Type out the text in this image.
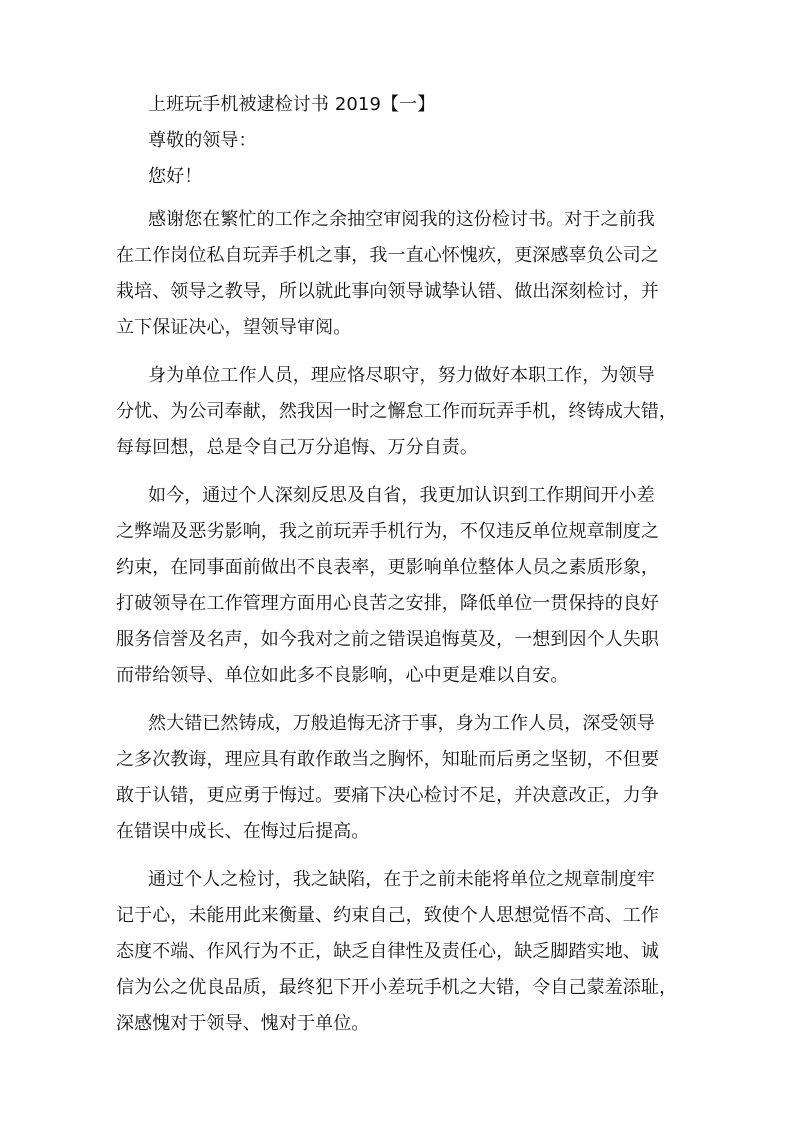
上班玩手机被逮检讨书 2019【一】
尊敬的领导：
您好！
感谢您在繁忙的工作之余抽空审阅我的这份检讨书。对于之前我
在工作岗位私自玩弄手机之事，我一直心怀愧疚，更深感辜负公司之
栽培、领导之教导，所以就此事向领导诚挚认错、做出深刻检讨，并
立下保证决心，望领导审阅。
身为单位工作人员，理应恪尽职守，努力做好本职工作，为领导
分忧、为公司奉献，然我因一时之懈怠工作而玩弄手机，终铸成大错，
每每回想，总是令自己万分追悔、万分自责。
如今，通过个人深刻反思及自省，我更加认识到工作期间开小差
之弊端及恶劣影响，我之前玩弄手机行为，不仅违反单位规章制度之
约束，在同事面前做出不良表率，更影响单位整体人员之素质形象，
打破领导在工作管理方面用心良苦之安排，降低单位一贯保持的良好
服务信誉及名声，如今我对之前之错误追悔莫及，一想到因个人失职
而带给领导、单位如此多不良影响，心中更是难以自安。
然大错已然铸成，万般追悔无济于事，身为工作人员，深受领导
之多次教诲，理应具有敢作敢当之胸怀，知耻而后勇之坚韧，不但要
敢于认错，更应勇于悔过。要痛下决心检讨不足，并决意改正，力争
在错误中成长、在悔过后提高。
通过个人之检讨，我之缺陷，在于之前未能将单位之规章制度牢
记于心，未能用此来衡量、约束自己，致使个人思想觉悟不高、工作
态度不端、作风行为不正，缺乏自律性及责任心，缺乏脚踏实地、诚
信为公之优良品质，最终犯下开小差玩手机之大错，令自己蒙羞添耻，
深感愧对于领导、愧对于单位。
